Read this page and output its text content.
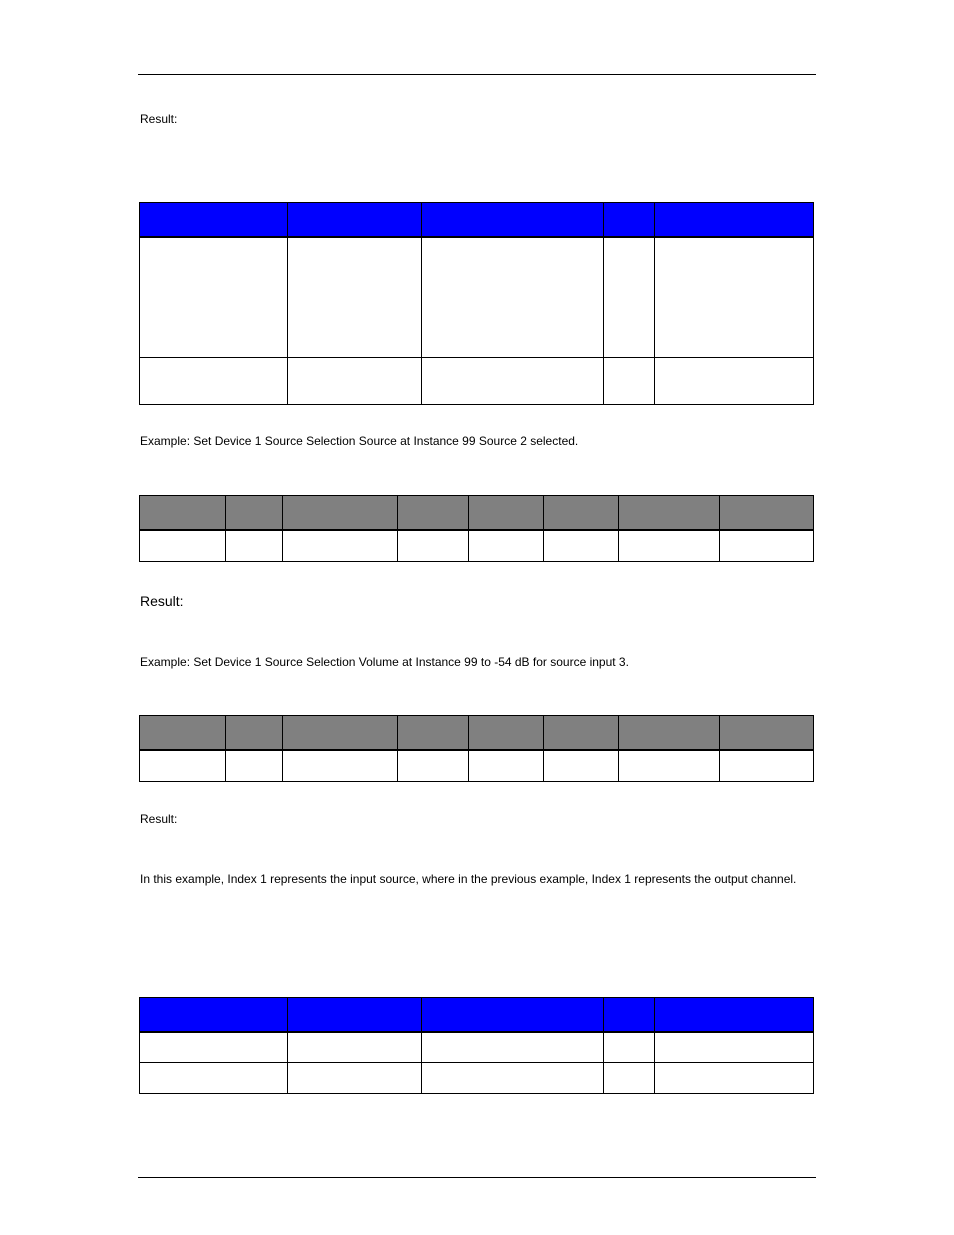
Result:

Example: Set Device 1 Source Selection Source at Instance 99 Source 2 selected.

Result:
Example: Set Device 1 Source Selection Volume at Instance 99 to -54 dB for source input 3.

Result:
In this example, Index 1 represents the input source, where in the previous example, Index 1 represents the output channel.
